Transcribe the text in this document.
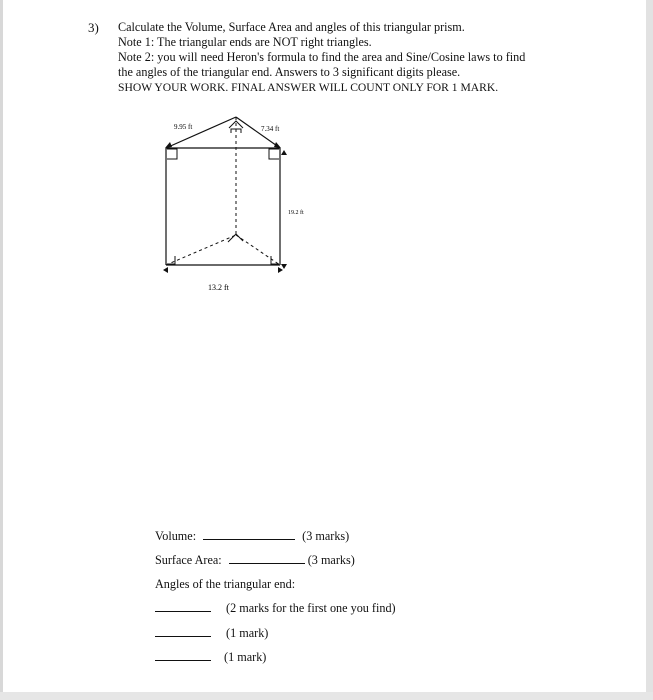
3) Calculate the Volume, Surface Area and angles of this triangular prism.
Note 1: The triangular ends are NOT right triangles.
Note 2: you will need Heron's formula to find the area and Sine/Cosine laws to find
the angles of the triangular end. Answers to 3 significant digits please.
SHOW YOUR WORK. FINAL ANSWER WILL COUNT ONLY FOR 1 MARK.
9.95 ft	7.34 ft
19.2 ft
13.2 ft
Volume:	(3 marks)
Surface Area:	(3 marks)
Angles of the triangular end:
(2 marks for the first one you find)
(1 mark)
(1 mark)
